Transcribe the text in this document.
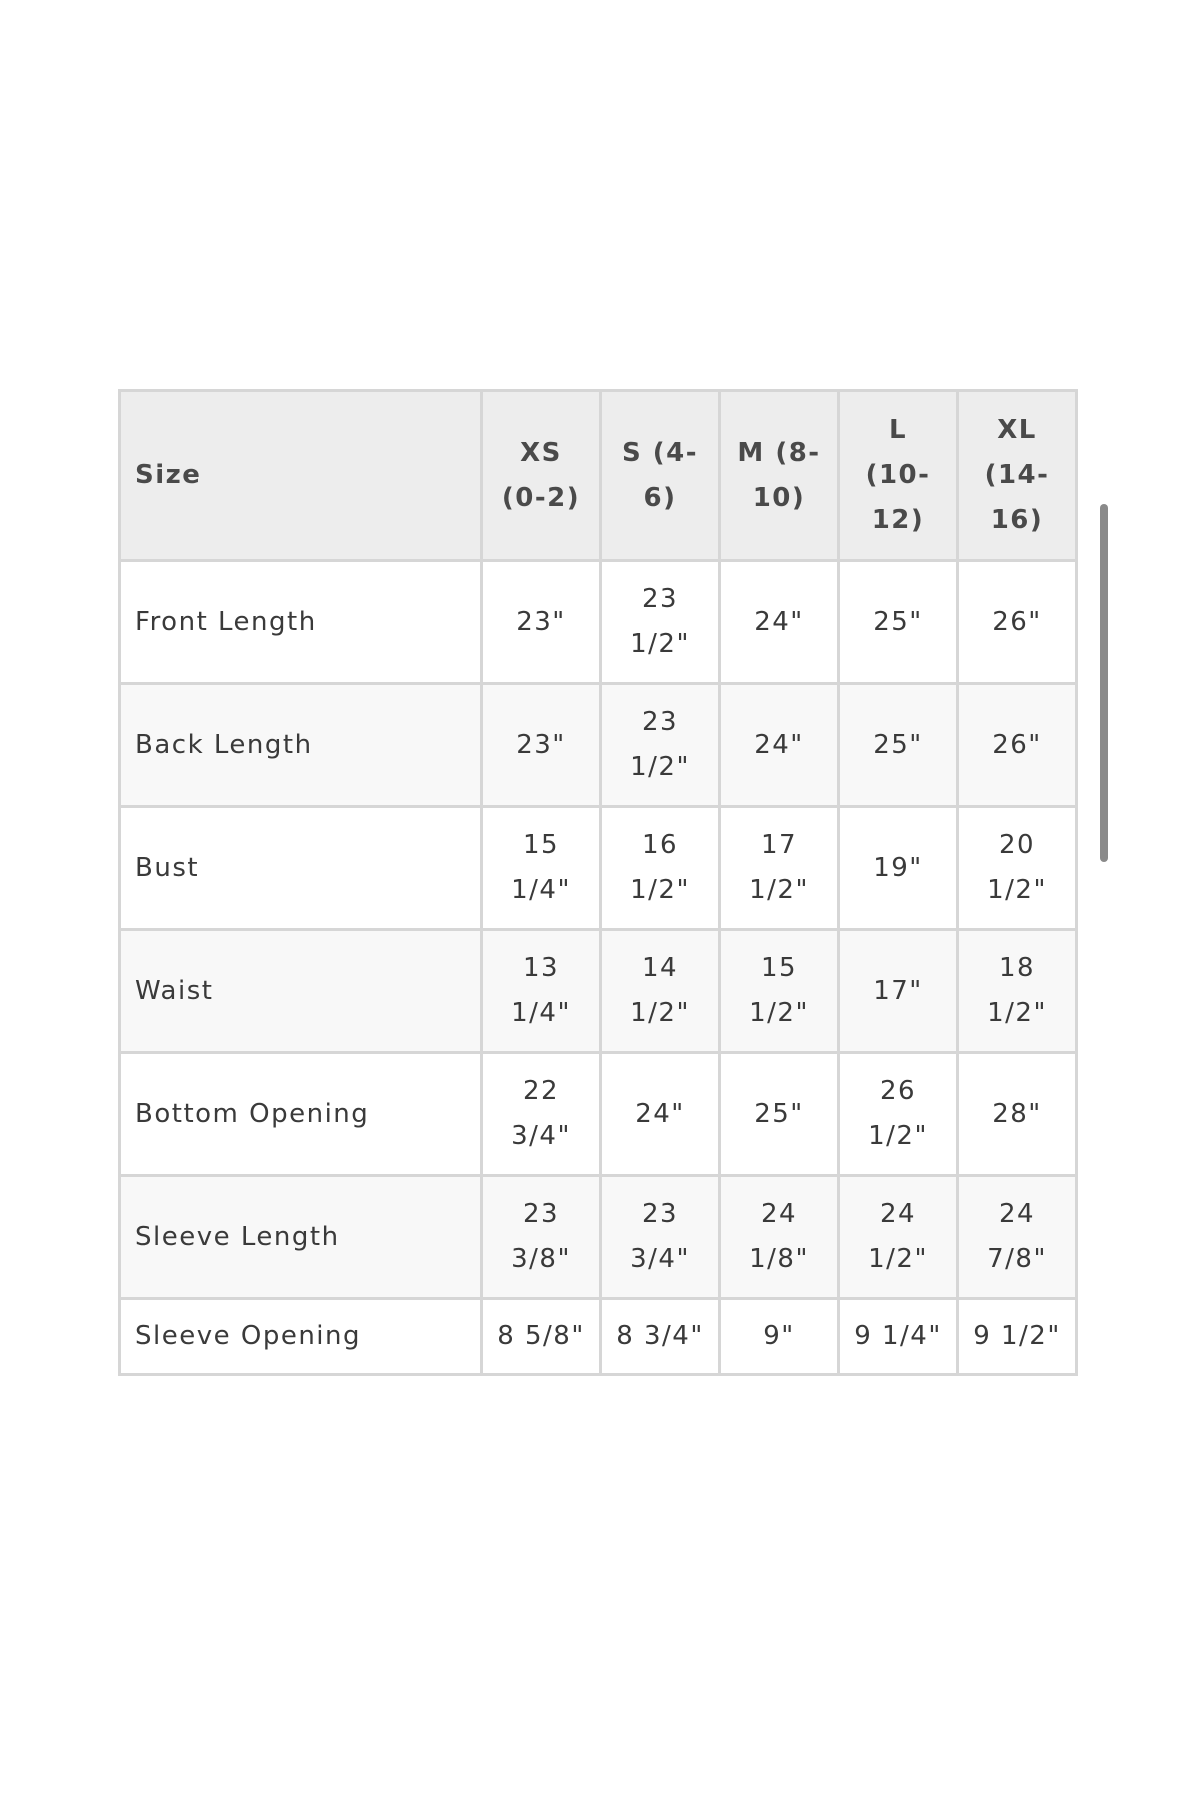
Size	XS (0-2)	S (4-6)	M (8-10)	L (10-12)	XL (14-16)
Front Length	23"	23 1/2"	24"	25"	26"
Back Length	23"	23 1/2"	24"	25"	26"
Bust	15 1/4"	16 1/2"	17 1/2"	19"	20 1/2"
Waist	13 1/4"	14 1/2"	15 1/2"	17"	18 1/2"
Bottom Opening	22 3/4"	24"	25"	26 1/2"	28"
Sleeve Length	23 3/8"	23 3/4"	24 1/8"	24 1/2"	24 7/8"
Sleeve Opening	8 5/8"	8 3/4"	9"	9 1/4"	9 1/2"
